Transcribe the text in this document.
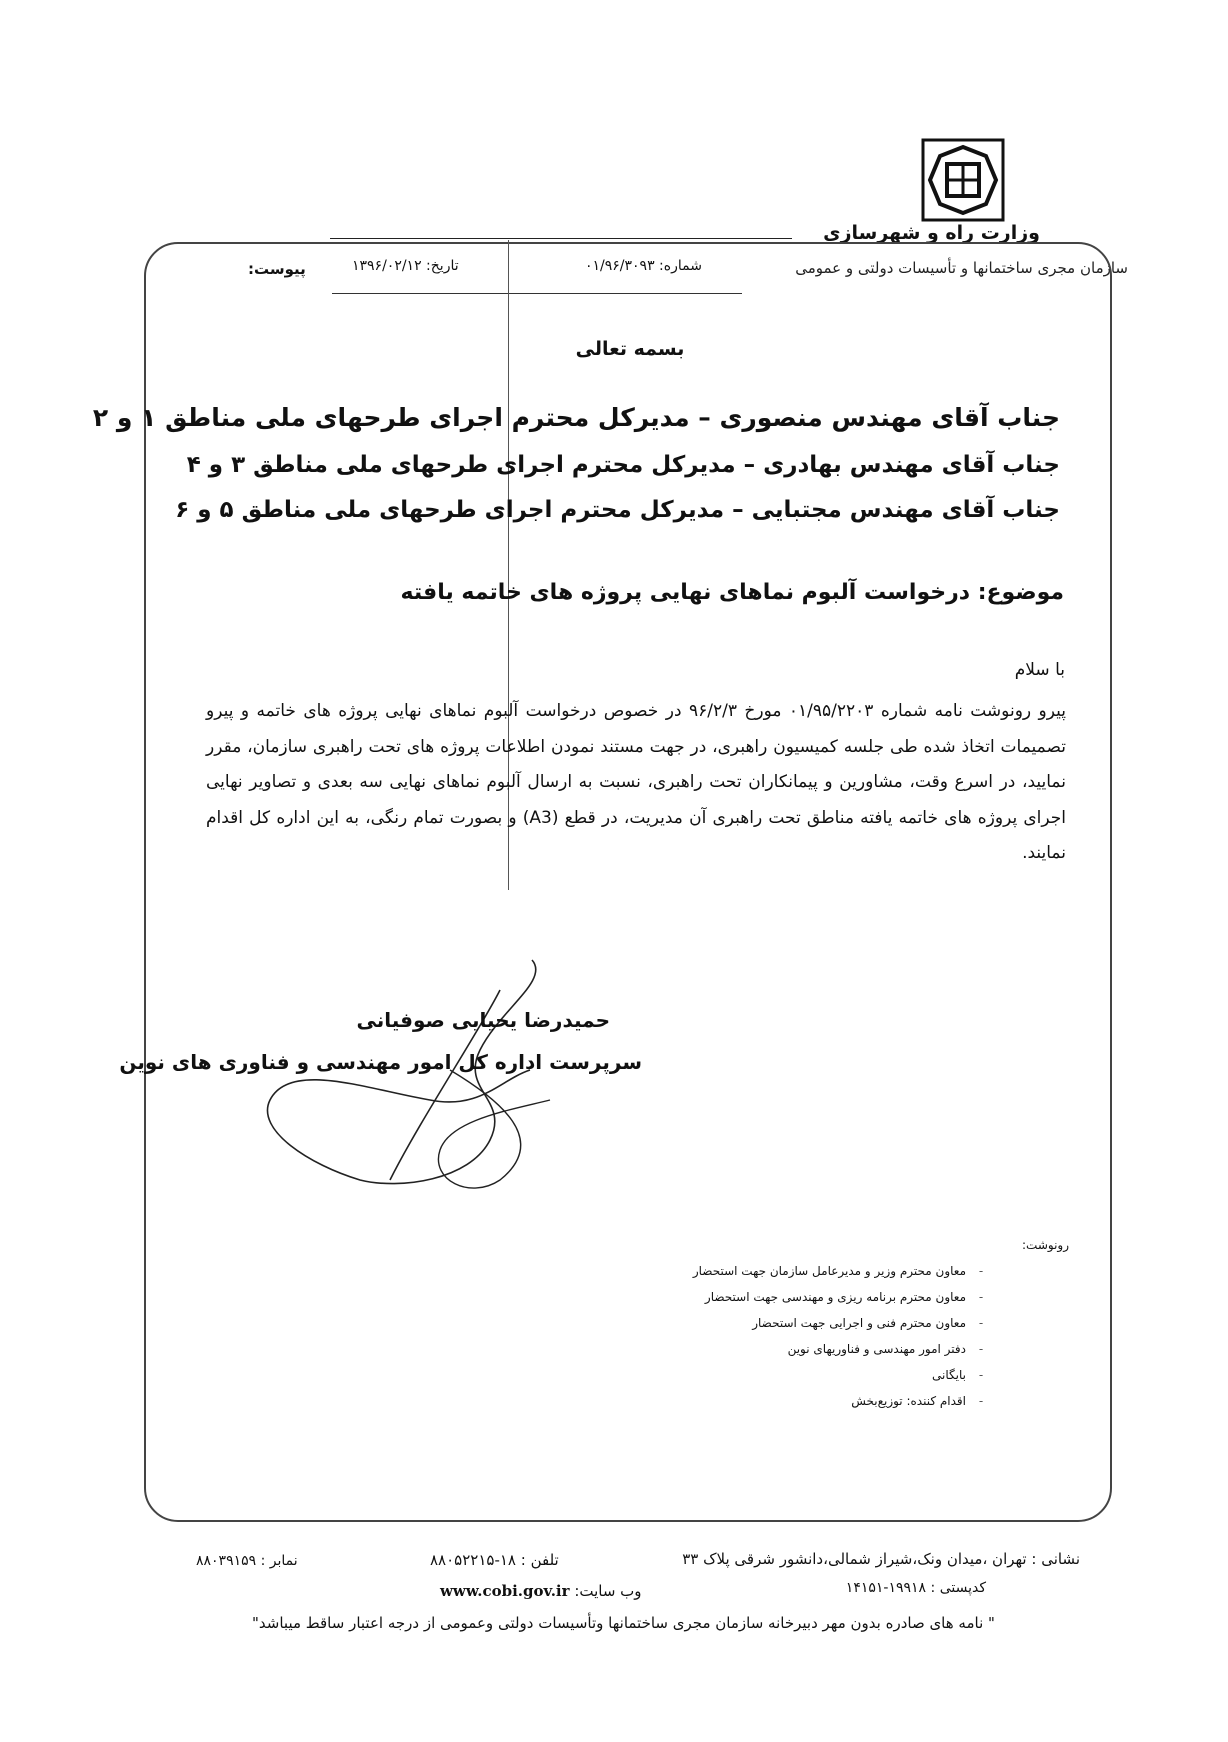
وزارت راه و شهرسازی
سازمان مجری ساختمانها و تأسیسات دولتی و عمومی
شماره: ۰۱/۹۶/۳۰۹۳
تاریخ: ۱۳۹۶/۰۲/۱۲
پیوست:
بسمه تعالی
جناب آقای مهندس منصوری – مدیرکل محترم اجرای طرحهای ملی مناطق ۱ و ۲
جناب آقای مهندس بهادری – مدیرکل محترم اجرای طرحهای ملی مناطق ۳ و ۴
جناب آقای مهندس مجتبایی – مدیرکل محترم اجرای طرحهای ملی مناطق ۵ و ۶
موضوع: درخواست آلبوم نماهای نهایی پروژه های خاتمه یافته
با سلام
پیرو رونوشت نامه شماره ۰۱/۹۵/۲۲۰۳ مورخ ۹۶/۲/۳ در خصوص درخواست آلبوم نماهای نهایی پروژه های خاتمه و پیرو تصمیمات اتخاذ شده طی جلسه کمیسیون راهبری، در جهت مستند نمودن اطلاعات پروژه های تحت راهبری سازمان، مقرر نمایید، در اسرع وقت، مشاورین و پیمانکاران تحت راهبری، نسبت به ارسال آلبوم نماهای نهایی سه بعدی و تصاویر نهایی اجرای پروژه های خاتمه یافته مناطق تحت راهبری آن مدیریت، در قطع (A3) و بصورت تمام رنگی، به این اداره کل اقدام نمایند.
حمیدرضا یحیایی صوفیانی
سرپرست اداره کل امور مهندسی و فناوری های نوین
رونوشت:
-معاون محترم وزیر و مدیرعامل سازمان جهت استحضار
-معاون محترم برنامه ریزی و مهندسی جهت استحضار
-معاون محترم فنی و اجرایی جهت استحضار
-دفتر امور مهندسی و فناوریهای نوین
-بایگانی
-اقدام کننده: توزیع‌بخش
نشانی : تهران ،میدان ونک،شیراز شمالی،دانشور شرقی پلاک ۳۳
کدپستی : ۱۹۹۱۸-۱۴۱۵۱
تلفن : ۱۸-۸۸۰۵۲۲۱۵
وب سایت: www.cobi.gov.ir
نمابر : ۸۸۰۳۹۱۵۹
" نامه های صادره بدون مهر دبیرخانه سازمان مجری ساختمانها وتأسیسات دولتی وعمومی از درجه اعتبار ساقط میباشد"
